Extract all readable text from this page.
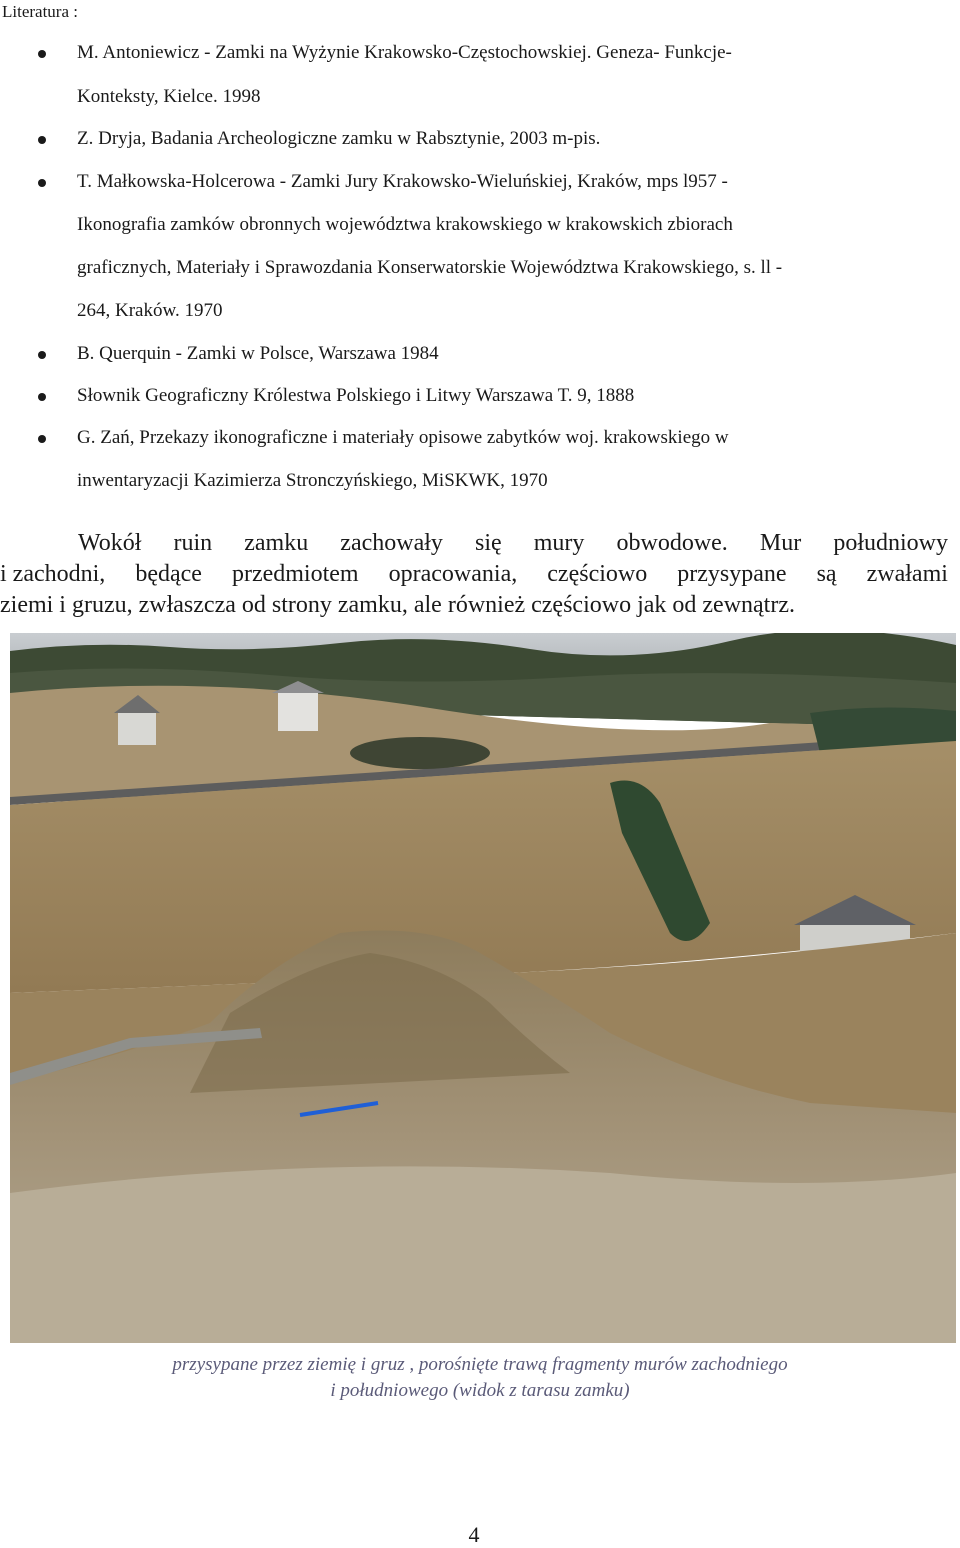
Literatura :
M. Antoniewicz - Zamki na Wyżynie Krakowsko-Częstochowskiej. Geneza- Funkcje-
Konteksty, Kielce. 1998
Z. Dryja, Badania Archeologiczne zamku w Rabsztynie, 2003 m-pis.
T. Małkowska-Holcerowa - Zamki Jury Krakowsko-Wieluńskiej, Kraków, mps l957 -
Ikonografia zamków obronnych województwa krakowskiego w krakowskich zbiorach
graficznych, Materiały i Sprawozdania Konserwatorskie Województwa Krakowskiego, s. ll -
264, Kraków. 1970
B. Querquin - Zamki w Polsce, Warszawa 1984
Słownik Geograficzny Królestwa Polskiego i Litwy Warszawa T. 9, 1888
G. Zań, Przekazy ikonograficzne i materiały opisowe zabytków woj. krakowskiego w
inwentaryzacji Kazimierza Stronczyńskiego, MiSKWK, 1970
Wokół ruin zamku zachowały się mury obwodowe. Mur południowy
i zachodni, będące przedmiotem opracowania, częściowo przysypane są zwałami
ziemi i gruzu, zwłaszcza od strony zamku, ale również częściowo jak od zewnątrz.
przysypane przez ziemię i gruz , porośnięte trawą fragmenty murów zachodniego
i południowego (widok z tarasu zamku)
4
